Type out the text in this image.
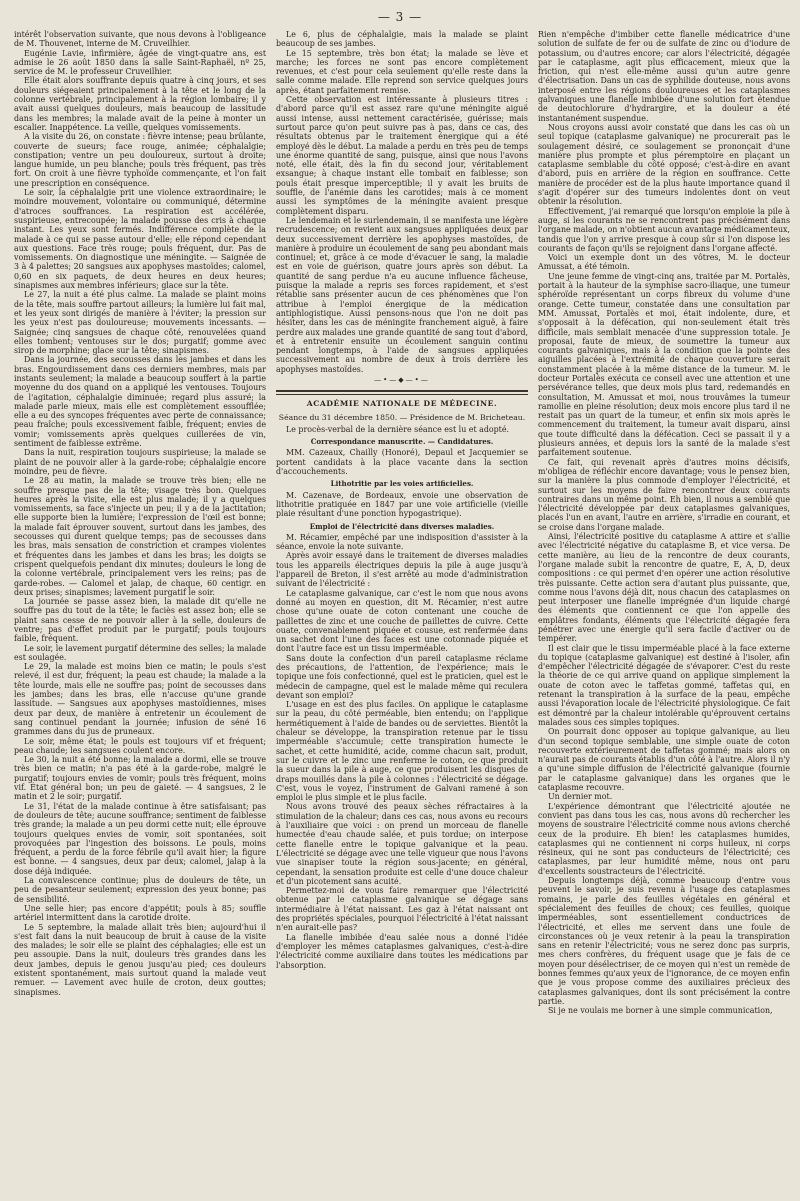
— 3 —

intérêt l'observation suivante, que nous devons à l'obligeance de M. Thouvenet, interne de M. Cruveilhier.

Eugénie Lavie, infirmière, âgée de vingt-quatre ans, est admise le 26 août 1850 dans la salle Saint-Raphaël, nº 25, service de M. le professeur Cruveilhier.

Elle était alors souffrante depuis quatre à cinq jours, et ses douleurs siégeaient principalement à la tête et le long de la colonne vertébrale, principalement à la région lombaire; il y avait aussi quelques douleurs, mais beaucoup de lassitude dans les membres; la malade avait de la peine à monter un escalier. Inappétence. La veille, quelques vomissements.

A la visite du 26, on constate : fièvre intense; peau brûlante, couverte de sueurs; face rouge, animée; céphalalgie; constipation; ventre un peu douloureux, surtout à droite; langue humide, un peu blanche; pouls très fréquent, pas très fort. On croit à une fièvre typhoïde commençante, et l'on fait une prescription en conséquence.

Le soir, la céphalalgie prit une violence extraordinaire; le moindre mouvement, volontaire ou communiqué, détermine d'atroces souffrances. La respiration est accélérée, suspirieuse, entrecoupée; la malade pousse des cris à chaque instant. Les yeux sont fermés. Indifférence complète de la malade à ce qui se passe autour d'elle; elle répond cependant aux questions. Face très rouge; pouls fréquent, dur. Pas de vomissements. On diagnostique une méningite. — Saignée de 3 à 4 palettes; 20 sangsues aux apophyses mastoïdes; calomel, 0,60 en six paquets, de deux heures en deux heures; sinapismes aux membres inférieurs; glace sur la tête.

Le 27, la nuit a été plus calme. La malade se plaint moins de la tête, mais souffre partout ailleurs; la lumière lui fait mal, et les yeux sont dirigés de manière à l'éviter; la pression sur les yeux n'est pas douloureuse; mouvements incessants. — Saignée; cinq sangsues de chaque côté, renouvelées quand elles tombent; ventouses sur le dos; purgatif; gomme avec sirop de morphine; glace sur la tête; sinapismes.

Dans la journée, des secousses dans les jambes et dans les bras. Engourdissement dans ces derniers membres, mais par instants seulement; la malade a beaucoup souffert à la partie moyenne du dos quand on a appliqué les ventouses. Toujours de l'agitation, céphalalgie diminuée; regard plus assuré; la malade parle mieux, mais elle est complètement essoufflée; elle a eu des syncopes fréquentes avec perte de connaissance; peau fraîche; pouls excessivement faible, fréquent; envies de vomir; vomissements après quelques cuillerées de vin, sentiment de faiblesse extrême.

Dans la nuit, respiration toujours suspirieuse; la malade se plaint de ne pouvoir aller à la garde-robe; céphalalgie encore moindre, peu de fièvre.

Le 28 au matin, la malade se trouve très bien; elle ne souffre presque pas de la tête; visage très bon. Quelques heures après la visite, elle est plus malade; il y a quelques vomissements, sa face s'injecte un peu; il y a de la jactitation; elle supporte bien la lumière; l'expression de l'œil est bonne; la malade fait éprouver souvent, surtout dans les jambes, des secousses qui durent quelque temps; pas de secousses dans les bras, mais sensation de constriction et crampes violentes et fréquentes dans les jambes et dans les bras; les doigts se crispent quelquefois pendant dix minutes; douleurs le long de la colonne vertébrale, principalement vers les reins; pas de garde-robes. — Calomel et jalap, de chaque, 60 centigr. en deux prises; sinapismes; lavement purgatif le soir.

La journée se passe assez bien, la malade dit qu'elle ne souffre pas du tout de la tête; le faciès est assez bon; elle se plaint sans cesse de ne pouvoir aller à la selle, douleurs de ventre; pas d'effet produit par le purgatif; pouls toujours faible, fréquent.

Le soir, le lavement purgatif détermine des selles; la malade est soulagée.

Le 29, la malade est moins bien ce matin; le pouls s'est relevé, il est dur, fréquent; la peau est chaude; la malade a la tête lourde, mais elle ne souffre pas; point de secousses dans les jambes; dans les bras, elle n'accuse qu'une grande lassitude. — Sangsues aux apophyses mastoïdiennes, mises deux par deux, de manière à entretenir un écoulement de sang continuel pendant la journée; infusion de séné 16 grammes dans du jus de pruneaux.

Le soir, même état; le pouls est toujours vif et fréquent; peau chaude; les sangsues coulent encore.

Le 30, la nuit a été bonne; la malade a dormi, elle se trouve très bien ce matin; n'a pas été à la garde-robe, malgré le purgatif; toujours envies de vomir; pouls très fréquent, moins vif. État général bon; un peu de gaieté. — 4 sangsues, 2 le matin et 2 le soir; purgatif.

Le 31, l'état de la malade continue à être satisfaisant; pas de douleurs de tête; aucune souffrance; sentiment de faiblesse très grande; la malade a un peu dormi cette nuit; elle éprouve toujours quelques envies de vomir, soit spontanées, soit provoquées par l'ingestion des boissons. Le pouls, moins fréquent, a perdu de la force fébrile qu'il avait hier; la figure est bonne. — 4 sangsues, deux par deux; calomel, jalap à la dose déjà indiquée.

La convalescence continue; plus de douleurs de tête, un peu de pesanteur seulement; expression des yeux bonne; pas de sensibilité.

Une selle hier; pas encore d'appétit; pouls à 85; souffle artériel intermittent dans la carotide droite.

Le 5 septembre, la malade allait très bien; aujourd'hui il s'est fait dans la nuit beaucoup de bruit à cause de la visite des malades; le soir elle se plaint des céphalagies; elle est un peu assoupie. Dans la nuit, douleurs très grandes dans les deux jambes, depuis le genou jusqu'au pied; ces douleurs existent spontanément, mais surtout quand la malade veut remuer. — Lavement avec huile de croton, deux gouttes; sinapismes.

Le 6, plus de céphalalgie, mais la malade se plaint beaucoup de ses jambes.

Le 15 septembre, très bon état; la malade se lève et marche; les forces ne sont pas encore complètement revenues, et c'est pour cela seulement qu'elle reste dans la salle comme malade. Elle reprend son service quelques jours après, étant parfaitement remise.

Cette observation est intéressante à plusieurs titres : d'abord parce qu'il est assez rare qu'une méningite aiguë aussi intense, aussi nettement caractérisée, guérisse; mais surtout parce qu'on peut suivre pas à pas, dans ce cas, des résultats obtenus par le traitement énergique qui a été employé dès le début. La malade a perdu en très peu de temps une énorme quantité de sang, puisque, ainsi que nous l'avons noté, elle était, dès la fin du second jour, véritablement exsangue; à chaque instant elle tombait en faiblesse; son pouls était presque imperceptible; il y avait les bruits de souffle, de l'anémie dans les carotides; mais à ce moment aussi les symptômes de la méningite avaient presque complètement disparu.

Le lendemain et le surlendemain, il se manifesta une légère recrudescence; on revient aux sangsues appliquées deux par deux successivement derrière les apophyses mastoïdes, de manière à produire un écoulement de sang peu abondant mais continuel; et, grâce à ce mode d'évacuer le sang, la maladie est en voie de guérison, quatre jours après son début. La quantité de sang perdue n'a eu aucune influence fâcheuse, puisque la malade a repris ses forces rapidement, et s'est rétablie sans présenter aucun de ces phénomènes que l'on attribue à l'emploi énergique de la médication antiphlogistique. Aussi pensons-nous que l'on ne doit pas hésiter, dans les cas de méningite franchement aiguë, à faire perdre aux malades une grande quantité de sang tout d'abord, et à entretenir ensuite un écoulement sanguin continu pendant longtemps, à l'aide de sangsues appliquées successivement au nombre de deux à trois derrière les apophyses mastoïdes.

—•—◆—•—
ACADÉMIE NATIONALE DE MÉDECINE.
Séance du 31 décembre 1850. — Présidence de M. Bricheteau.

Le procès-verbal de la dernière séance est lu et adopté.

Correspondance manuscrite. — Candidatures.

MM. Cazeaux, Chailly (Honoré), Depaul et Jacquemier se portent candidats à la place vacante dans la section d'accouchements.

Lithotritie par les voies artificielles.

M. Cazenave, de Bordeaux, envoie une observation de lithotritie pratiquée en 1847 par une voie artificielle (vieille plaie résultant d'une ponction hypogastrique).

Emploi de l'électricité dans diverses maladies.

M. Récamier, empêché par une indisposition d'assister à la séance, envoie la note suivante.

Après avoir essayé dans le traitement de diverses maladies tous les appareils électriques depuis la pile à auge jusqu'à l'appareil de Breton, il s'est arrêté au mode d'administration suivant de l'électricité :

Le cataplasme galvanique, car c'est le nom que nous avons donné au moyen en question, dit M. Récamier, n'est autre chose qu'une ouate de coton contenant une couche de paillettes de zinc et une couche de paillettes de cuivre. Cette ouate, convenablement piquée et cousue, est renfermée dans un sachet dont l'une des faces est une cotonnade piquée et dont l'autre face est un tissu imperméable.

Sans doute la confection d'un pareil cataplasme réclame des précautions, de l'attention, de l'expérience; mais le topique une fois confectionné, quel est le praticien, quel est le médecin de campagne, quel est le malade même qui reculera devant son emploi?

L'usage en est des plus faciles. On applique le cataplasme sur la peau, du côté perméable, bien entendu; on l'applique hermétiquement à l'aide de bandes ou de serviettes. Bientôt la chaleur se développe, la transpiration retenue par le tissu imperméable s'accumule; cette transpiration humecte le sachet, et cette humidité, acide, comme chacun sait, produit, sur le cuivre et le zinc une renferme le coton, ce que produit la sueur dans la pile à auge, ce que produisent les disques de draps mouillés dans la pile à colonnes : l'électricité se dégage. C'est, vous le voyez, l'instrument de Galvani ramené à son emploi le plus simple et le plus facile.

Nous avons trouvé des peaux sèches réfractaires à la stimulation de la chaleur; dans ces cas, nous avons eu recours à l'auxiliaire que voici : on prend un morceau de flanelle humectée d'eau chaude salée, et puis tordue; on interpose cette flanelle entre le topique galvanique et la peau. L'électricité se dégage avec une telle vigueur que nous l'avons vue sinapiser toute la région sous-jacente; en général, cependant, la sensation produite est celle d'une douce chaleur et d'un picotement sans acuité.

Permettez-moi de vous faire remarquer que l'électricité obtenue par le cataplasme galvanique se dégage sans intermédiaire à l'état naissant. Les gaz à l'état naissant ont des propriétés spéciales, pourquoi l'électricité à l'état naissant n'en aurait-elle pas?

La flanelle imbibée d'eau salée nous a donné l'idée d'employer les mêmes cataplasmes galvaniques, c'est-à-dire l'électricité comme auxiliaire dans toutes les médications par l'absorption.

Rien n'empêche d'imbiber cette flanelle médicatrice d'une solution de sulfate de fer ou de sulfate de zinc ou d'iodure de potassium, ou d'autres encore; car alors l'électricité, dégagée par le cataplasme, agit plus efficacement, mieux que la friction, qui n'est elle-même aussi qu'un autre genre d'électrisation. Dans un cas de syphilide douteuse, nous avons interposé entre les régions douloureuses et les cataplasmes galvaniques une flanelle imbibée d'une solution fort étendue de deutochlorure d'hydrargire, et la douleur a été instantanément suspendue.

Nous croyons aussi avoir constaté que dans les cas où un seul topique (cataplasme galvanique) ne procurerait pas le soulagement désiré, ce soulagement se prononçait d'une manière plus prompte et plus péremptoire en plaçant un cataplasme semblable du côté opposé; c'est-à-dire en avant d'abord, puis en arrière de la région en souffrance. Cette manière de procéder est de la plus haute importance quand il s'agit d'opérer sur des tumeurs indolentes dont on veut obtenir la résolution.

Effectivement, j'ai remarqué que lorsqu'on emploie la pile à auge, si les courants ne se rencontrent pas précisément dans l'organe malade, on n'obtient aucun avantage médicamenteux, tandis que l'on y arrive presque à coup sûr si l'on dispose les courants de façon qu'ils se rejoignent dans l'organe affecté.

Voici un exemple dont un des vôtres, M. le docteur Amussat, a été témoin.

Une jeune femme de vingt-cinq ans, traitée par M. Portalès, portait à la hauteur de la symphise sacro-iliaque, une tumeur sphéroïde représentant un corps fibreux du volume d'une orange. Cette tumeur, constatée dans une consultation par MM. Amussat, Portalès et moi, était indolente, dure, et s'opposait à la défécation, qui non-seulement était très difficile, mais semblait menacée d'une suppression totale. Je proposai, faute de mieux, de soumettre la tumeur aux courants galvaniques, mais à la condition que la pointe des aiguilles placées à l'extrémité de chaque couverture serait constamment placée à la même distance de la tumeur. M. le docteur Portalès exécuta ce conseil avec une attention et une persévérance telles, que deux mois plus tard, redemandés en consultation, M. Amussat et moi, nous trouvâmes la tumeur ramollie en pleine résolution; deux mois encore plus tard il ne restait pas un quart de la tumeur, et enfin six mois après le commencement du traitement, la tumeur avait disparu, ainsi que toute difficulté dans la défécation. Ceci se passait il y a plusieurs années, et depuis lors la santé de la malade s'est parfaitement soutenue.

Ce fait, qui revenait après d'autres moins décisifs, m'obligea de réfléchir encore davantage; vous le pensez bien, sur la manière la plus commode d'employer l'électricité, et surtout sur les moyens de faire rencontrer deux courants contraires dans un même point. Eh bien, il nous a semblé que l'électricité développée par deux cataplasmes galvaniques, placés l'un en avant, l'autre en arrière, s'irradie en courant, et se croise dans l'organe malade.

Ainsi, l'électricité positive du cataplasme A attire et s'allie avec l'électricité négative du cataplasme B, et vice versa. De cette manière, au lieu de la rencontre de deux courants, l'organe malade subit la rencontre de quatre, E, A, D, deux compositions : ce qui permet d'en opérer une action résolutive très puissante. Cette action sera d'autant plus puissante, que, comme nous l'avons déjà dit, nous chacun des cataplasmes on peut interposer une flanelle imprégnée d'un liquide chargé des éléments que contiennent ce que l'on appelle des emplâtres fondants, éléments que l'électricité dégagée fera pénétrer avec une énergie qu'il sera facile d'activer ou de tempérer.

Il est clair que le tissu imperméable placé à la face externe du topique (cataplasme galvanique) est destiné à l'isoler, afin d'empêcher l'électricité dégagée de s'évaporer. C'est du reste la théorie de ce qui arrive quand on applique simplement la ouate de coton avec le taffetas gommé, taffetas qui, en retenant la transpiration à la surface de la peau, empêche aussi l'évaporation locale de l'électricité physiologique. Ce fait est démontré par la chaleur intolérable qu'éprouvent certains malades sous ces simples topiques.

On pourrait donc opposer au topique galvanique, au lieu d'un second topique semblable, une simple ouate de coton recouverte extérieurement de taffetas gommé; mais alors on n'aurait pas de courants établis d'un côté à l'autre. Alors il n'y a qu'une simple diffusion de l'électricité galvanique (fournie par le cataplasme galvanique) dans les organes que le cataplasme recouvre.

Un dernier mot.

L'expérience démontrant que l'électricité ajoutée ne convient pas dans tous les cas, nous avons dû rechercher les moyens de soustraire l'électricité comme nous avions cherché ceux de la produire. Eh bien! les cataplasmes humides, cataplasmes qui ne contiennent ni corps huileux, ni corps résineux, qui ne sont pas conducteurs de l'électricité; ces cataplasmes, par leur humidité même, nous ont paru d'excellents soustracteurs de l'électricité.

Depuis longtemps déjà, comme beaucoup d'entre vous peuvent le savoir, je suis revenu à l'usage des cataplasmes romains, je parle des feuilles végétales en général et spécialement des feuilles de choux; ces feuilles, quoique imperméables, sont essentiellement conductrices de l'électricité, et elles me servent dans une foule de circonstances où je veux retenir à la peau la transpiration sans en retenir l'électricité; vous ne serez donc pas surpris, mes chers confrères, du fréquent usage que je fais de ce moyen pour désélectriser, de ce moyen qui n'est un remède de bonnes femmes qu'aux yeux de l'ignorance, de ce moyen enfin que je vous propose comme des auxiliaires précieux des cataplasmes galvaniques, dont ils sont précisément la contre partie.

Si je ne voulais me borner à une simple communication,
